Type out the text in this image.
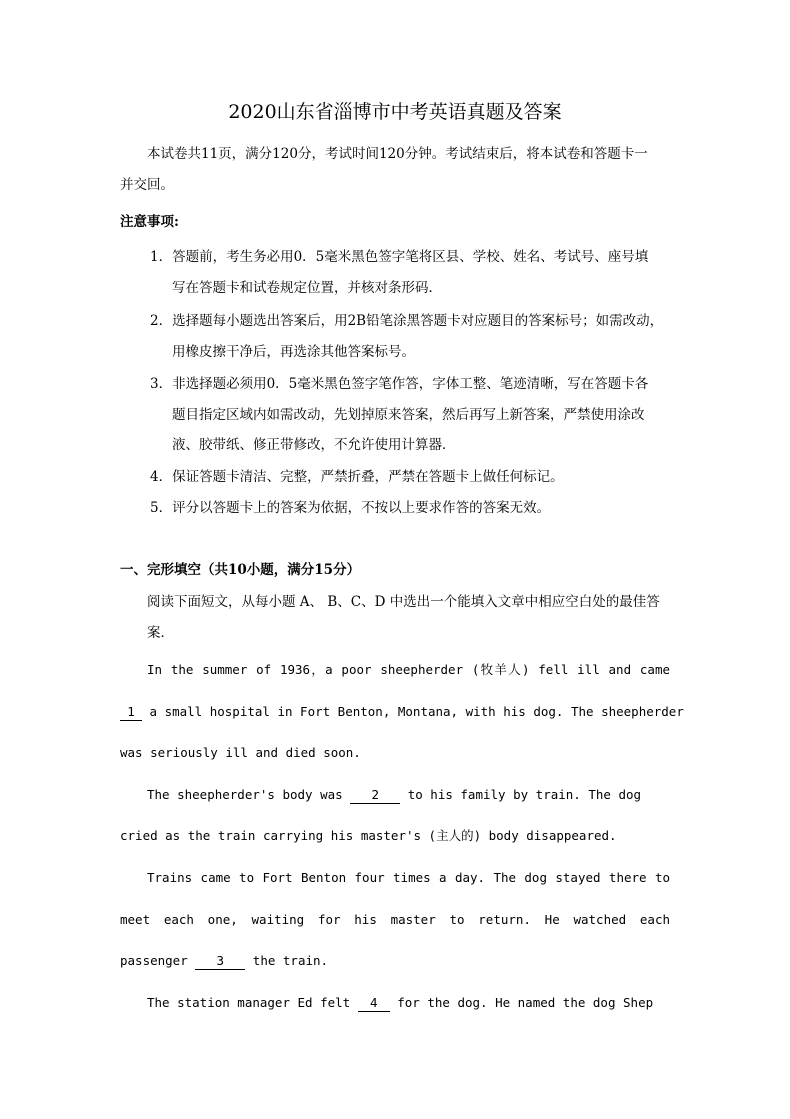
2020山东省淄博市中考英语真题及答案
本试卷共11页，满分120分，考试时间120分钟。考试结束后，将本试卷和答题卡一
并交回。
注意事项:
1．答题前，考生务必用0．5毫米黑色签字笔将区县、学校、姓名、考试号、座号填
写在答题卡和试卷规定位置，并核对条形码．
2．选择题每小题选出答案后，用2B铅笔涂黑答题卡对应题目的答案标号；如需改动，
用橡皮擦干净后，再选涂其他答案标号。
3．非选择题必须用0．5毫米黑色签字笔作答，字体工整、笔迹清晰，写在答题卡各
题目指定区域内如需改动，先划掉原来答案，然后再写上新答案，严禁使用涂改
液、胶带纸、修正带修改，不允许使用计算器．
4．保证答题卡清洁、完整，严禁折叠，严禁在答题卡上做任何标记。
5．评分以答题卡上的答案为依据，不按以上要求作答的答案无效。
一、完形填空（共10小题，满分15分）
阅读下面短文，从每小题 A、 B、C、D 中选出一个能填入文章中相应空白处的最佳答
案．
In the summer of 1936，a poor sheepherder (牧羊人) fell ill and came
1 a small hospital in Fort Benton, Montana, with his dog. The sheepherder
was seriously ill and died soon.
The sheepherder's body was 2 to his family by train. The dog
cried as the train carrying his master's (主人的) body disappeared.
Trains came to Fort Benton four times a day. The dog stayed there to
meet each one, waiting for his master to return. He watched each
passenger 3 the train.
The station manager Ed felt 4 for the dog. He named the dog Shep
